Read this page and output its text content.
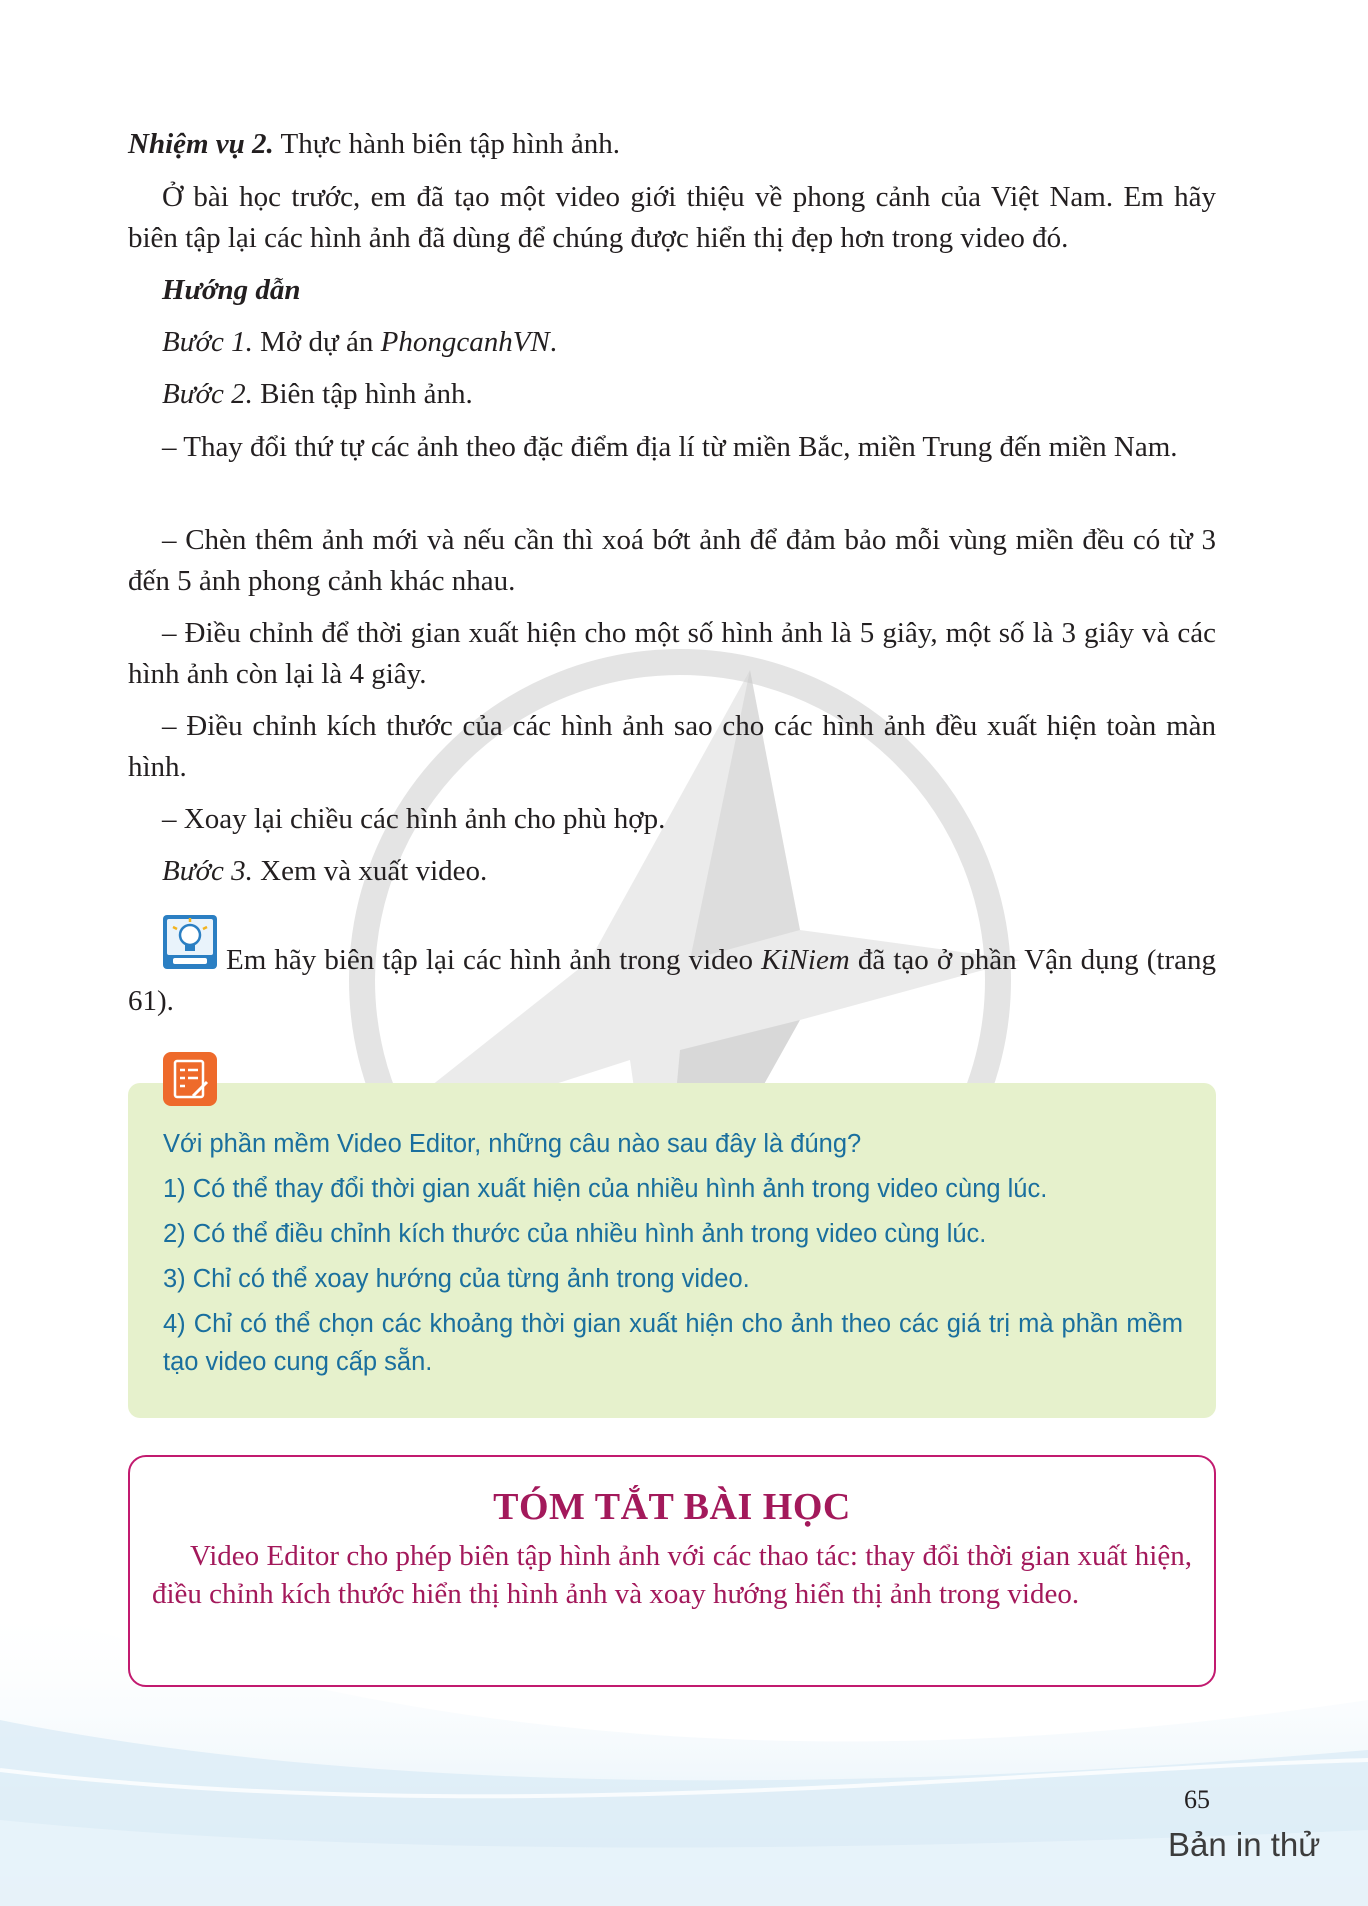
Nhiệm vụ 2. Thực hành biên tập hình ảnh.
Ở bài học trước, em đã tạo một video giới thiệu về phong cảnh của Việt Nam. Em hãy biên tập lại các hình ảnh đã dùng để chúng được hiển thị đẹp hơn trong video đó.
Hướng dẫn
Bước 1. Mở dự án PhongcanhVN.
Bước 2. Biên tập hình ảnh.
– Thay đổi thứ tự các ảnh theo đặc điểm địa lí từ miền Bắc, miền Trung đến miền Nam.
– Chèn thêm ảnh mới và nếu cần thì xoá bớt ảnh để đảm bảo mỗi vùng miền đều có từ 3 đến 5 ảnh phong cảnh khác nhau.
– Điều chỉnh để thời gian xuất hiện cho một số hình ảnh là 5 giây, một số là 3 giây và các hình ảnh còn lại là 4 giây.
– Điều chỉnh kích thước của các hình ảnh sao cho các hình ảnh đều xuất hiện toàn màn hình.
– Xoay lại chiều các hình ảnh cho phù hợp.
Bước 3. Xem và xuất video.
Em hãy biên tập lại các hình ảnh trong video KiNiem đã tạo ở phần Vận dụng (trang 61).
Với phần mềm Video Editor, những câu nào sau đây là đúng?
1) Có thể thay đổi thời gian xuất hiện của nhiều hình ảnh trong video cùng lúc.
2) Có thể điều chỉnh kích thước của nhiều hình ảnh trong video cùng lúc.
3) Chỉ có thể xoay hướng của từng ảnh trong video.
4) Chỉ có thể chọn các khoảng thời gian xuất hiện cho ảnh theo các giá trị mà phần mềm tạo video cung cấp sẵn.
TÓM TẮT BÀI HỌC
Video Editor cho phép biên tập hình ảnh với các thao tác: thay đổi thời gian xuất hiện, điều chỉnh kích thước hiển thị hình ảnh và xoay hướng hiển thị ảnh trong video.
65
Bản in thử
